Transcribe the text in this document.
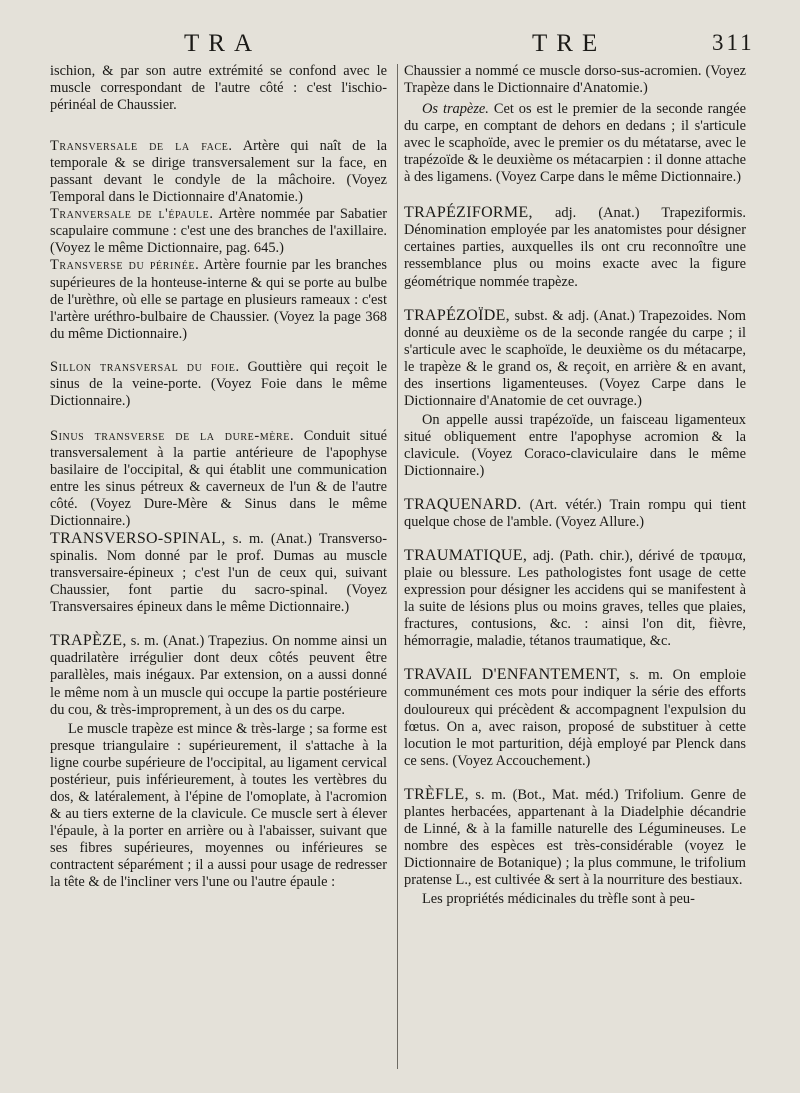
TRA	TRE	311

ischion, & par son autre extrémité se confond avec le muscle correspondant de l'autre côté : c'est l'ischio-périnéal de Chaussier.

Transversale de la face. Artère qui naît de la temporale & se dirige transversalement sur la face, en passant devant le condyle de la mâchoire. (Voyez Temporal dans le Dictionnaire d'Anatomie.)

Tranversale de l'épaule. Artère nommée par Sabatier scapulaire commune : c'est une des branches de l'axillaire. (Voyez le même Dictionnaire, pag. 645.)

Transverse du périnée. Artère fournie par les branches supérieures de la honteuse-interne & qui se porte au bulbe de l'urèthre, où elle se partage en plusieurs rameaux : c'est l'artère uréthro-bulbaire de Chaussier. (Voyez la page 368 du même Dictionnaire.)

Sillon transversal du foie. Gouttière qui reçoit le sinus de la veine-porte. (Voyez Foie dans le même Dictionnaire.)

Sinus transverse de la dure-mère. Conduit situé transversalement à la partie antérieure de l'apophyse basilaire de l'occipital, & qui établit une communication entre les sinus pétreux & caverneux de l'un & de l'autre côté. (Voyez Dure-Mère & Sinus dans le même Dictionnaire.)

TRANSVERSO-SPINAL, s. m. (Anat.) Transverso-spinalis. Nom donné par le prof. Dumas au muscle transversaire-épineux ; c'est l'un de ceux qui, suivant Chaussier, font partie du sacro-spinal. (Voyez Transversaires épineux dans le même Dictionnaire.)

TRAPÈZE, s. m. (Anat.) Trapezius. On nomme ainsi un quadrilatère irrégulier dont deux côtés peuvent être parallèles, mais inégaux. Par extension, on a aussi donné le même nom à un muscle qui occupe la partie postérieure du cou, & très-improprement, à un des os du carpe.

Le muscle trapèze est mince & très-large ; sa forme est presque triangulaire : supérieurement, il s'attache à la ligne courbe supérieure de l'occipital, au ligament cervical postérieur, puis inférieurement, à toutes les vertèbres du dos, & latéralement, à l'épine de l'omoplate, à l'acromion & au tiers externe de la clavicule. Ce muscle sert à élever l'épaule, à la porter en arrière ou à l'abaisser, suivant que ses fibres supérieures, moyennes ou inférieures se contractent séparément ; il a aussi pour usage de redresser la tête & de l'incliner vers l'une ou l'autre épaule :

Chaussier a nommé ce muscle dorso-sus-acromien. (Voyez Trapèze dans le Dictionnaire d'Anatomie.)

Os trapèze. Cet os est le premier de la seconde rangée du carpe, en comptant de dehors en dedans ; il s'articule avec le scaphoïde, avec le premier os du métatarse, avec le trapézoïde & le deuxième os métacarpien : il donne attache à des ligamens. (Voyez Carpe dans le même Dictionnaire.)

TRAPÉZIFORME, adj. (Anat.) Trapeziformis. Dénomination employée par les anatomistes pour désigner certaines parties, auxquelles ils ont cru reconnoître une ressemblance plus ou moins exacte avec la figure géométrique nommée trapèze.

TRAPÉZOÏDE, subst. & adj. (Anat.) Trapezoides. Nom donné au deuxième os de la seconde rangée du carpe ; il s'articule avec le scaphoïde, le deuxième os du métacarpe, le trapèze & le grand os, & reçoit, en arrière & en avant, des insertions ligamenteuses. (Voyez Carpe dans le Dictionnaire d'Anatomie de cet ouvrage.)

On appelle aussi trapézoïde, un faisceau ligamenteux situé obliquement entre l'apophyse acromion & la clavicule. (Voyez Coraco-claviculaire dans le même Dictionnaire.)

TRAQUENARD. (Art. vétér.) Train rompu qui tient quelque chose de l'amble. (Voyez Allure.)

TRAUMATIQUE, adj. (Path. chir.), dérivé de τραυμα, plaie ou blessure. Les pathologistes font usage de cette expression pour désigner les accidens qui se manifestent à la suite de lésions plus ou moins graves, telles que plaies, fractures, contusions, &c. : ainsi l'on dit, fièvre, hémorragie, maladie, tétanos traumatique, &c.

TRAVAIL D'ENFANTEMENT, s. m. On emploie communément ces mots pour indiquer la série des efforts douloureux qui précèdent & accompagnent l'expulsion du fœtus. On a, avec raison, proposé de substituer à cette locution le mot parturition, déjà employé par Plenck dans ce sens. (Voyez Accouchement.)

TRÈFLE, s. m. (Bot., Mat. méd.) Trifolium. Genre de plantes herbacées, appartenant à la Diadelphie décandrie de Linné, & à la famille naturelle des Légumineuses. Le nombre des espèces est très-considérable (voyez le Dictionnaire de Botanique) ; la plus commune, le trifolium pratense L., est cultivée & sert à la nourriture des bestiaux.

Les propriétés médicinales du trèfle sont à peu-
